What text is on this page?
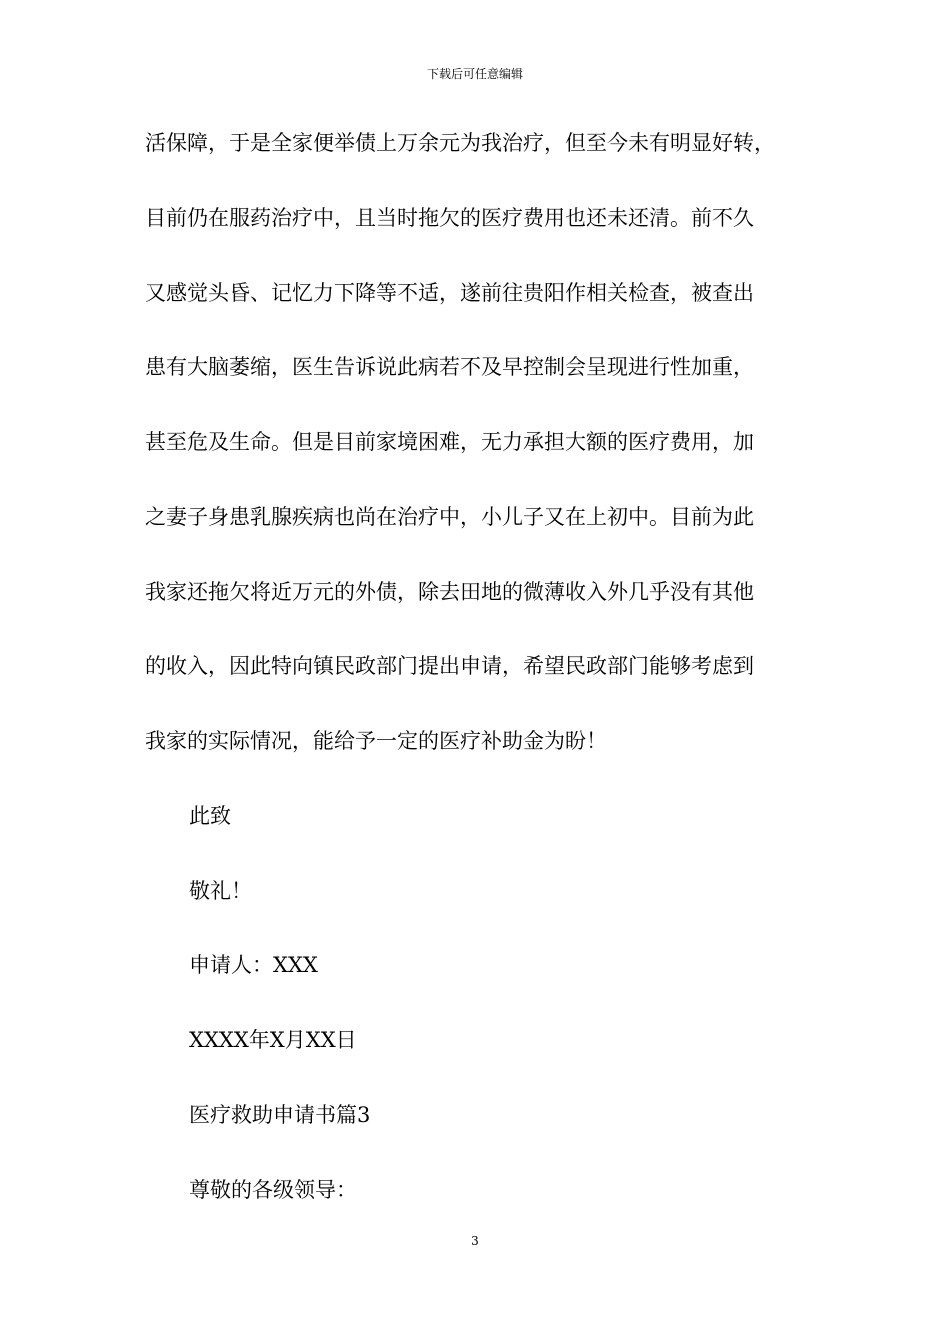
下载后可任意编辑
活保障，于是全家便举债上万余元为我治疗，但至今未有明显好转，
目前仍在服药治疗中，且当时拖欠的医疗费用也还未还清。前不久
又感觉头昏、记忆力下降等不适，遂前往贵阳作相关检查，被查出
患有大脑萎缩，医生告诉说此病若不及早控制会呈现进行性加重，
甚至危及生命。但是目前家境困难，无力承担大额的医疗费用，加
之妻子身患乳腺疾病也尚在治疗中，小儿子又在上初中。目前为此
我家还拖欠将近万元的外债，除去田地的微薄收入外几乎没有其他
的收入，因此特向镇民政部门提出申请，希望民政部门能够考虑到
我家的实际情况，能给予一定的医疗补助金为盼！
此致
敬礼！
申请人：XXX
XXXX年X月XX日
医疗救助申请书篇3
尊敬的各级领导：
3
